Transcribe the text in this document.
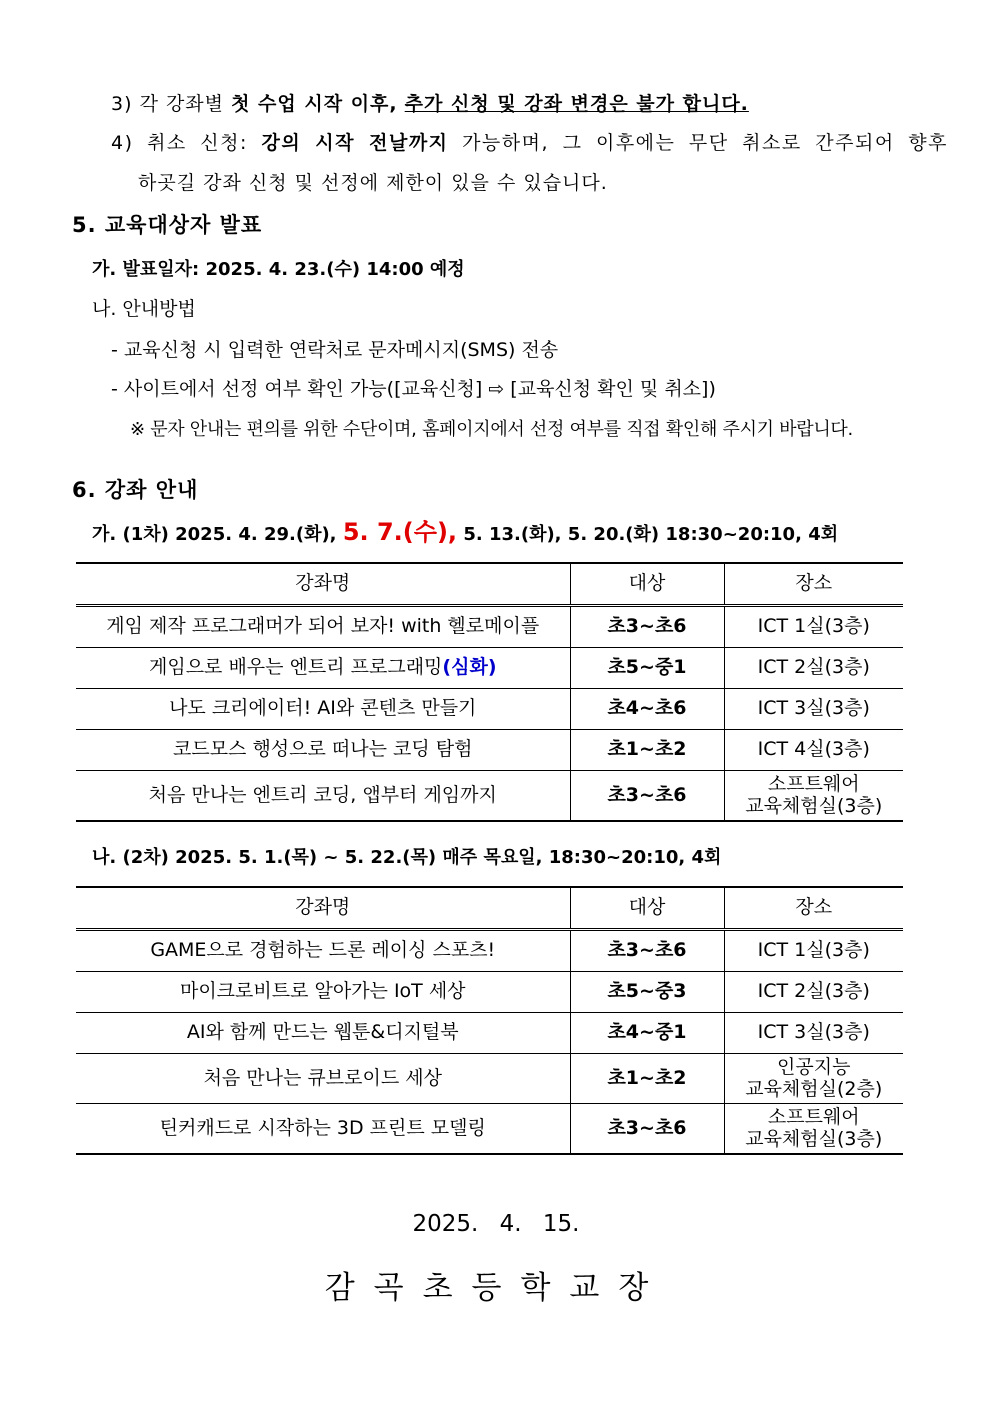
3) 각 강좌별 첫 수업 시작 이후, 추가 신청 및 강좌 변경은 불가 합니다.
4) 취소 신청: 강의 시작 전날까지 가능하며, 그 이후에는 무단 취소로 간주되어 향후
하곳길 강좌 신청 및 선정에 제한이 있을 수 있습니다.
5. 교육대상자 발표
가. 발표일자: 2025. 4. 23.(수) 14:00 예정
나. 안내방법
- 교육신청 시 입력한 연락처로 문자메시지(SMS) 전송
- 사이트에서 선정 여부 확인 가능([교육신청] ⇨ [교육신청 확인 및 취소])
※ 문자 안내는 편의를 위한 수단이며, 홈페이지에서 선정 여부를 직접 확인해 주시기 바랍니다.
6. 강좌 안내
가. (1차) 2025. 4. 29.(화), 5. 7.(수), 5. 13.(화), 5. 20.(화) 18:30~20:10, 4회
강좌명	대상	장소
게임 제작 프로그래머가 되어 보자! with 헬로메이플	초3~초6	ICT 1실(3층)
게임으로 배우는 엔트리 프로그래밍(심화)	초5~중1	ICT 2실(3층)
나도 크리에이터! AI와 콘텐츠 만들기	초4~초6	ICT 3실(3층)
코드모스 행성으로 떠나는 코딩 탐험	초1~초2	ICT 4실(3층)
처음 만나는 엔트리 코딩, 앱부터 게임까지	초3~초6	소프트웨어
교육체험실(3층)
나. (2차) 2025. 5. 1.(목) ~ 5. 22.(목) 매주 목요일, 18:30~20:10, 4회
강좌명	대상	장소
GAME으로 경험하는 드론 레이싱 스포츠!	초3~초6	ICT 1실(3층)
마이크로비트로 알아가는 IoT 세상	초5~중3	ICT 2실(3층)
AI와 함께 만드는 웹툰&디지털북	초4~중1	ICT 3실(3층)
처음 만나는 큐브로이드 세상	초1~초2	인공지능
교육체험실(2층)

틴커캐드로 시작하는 3D 프린트 모델링	초3~초6	소프트웨어
교육체험실(3층)
2025. 4. 15.
감곡초등학교장
